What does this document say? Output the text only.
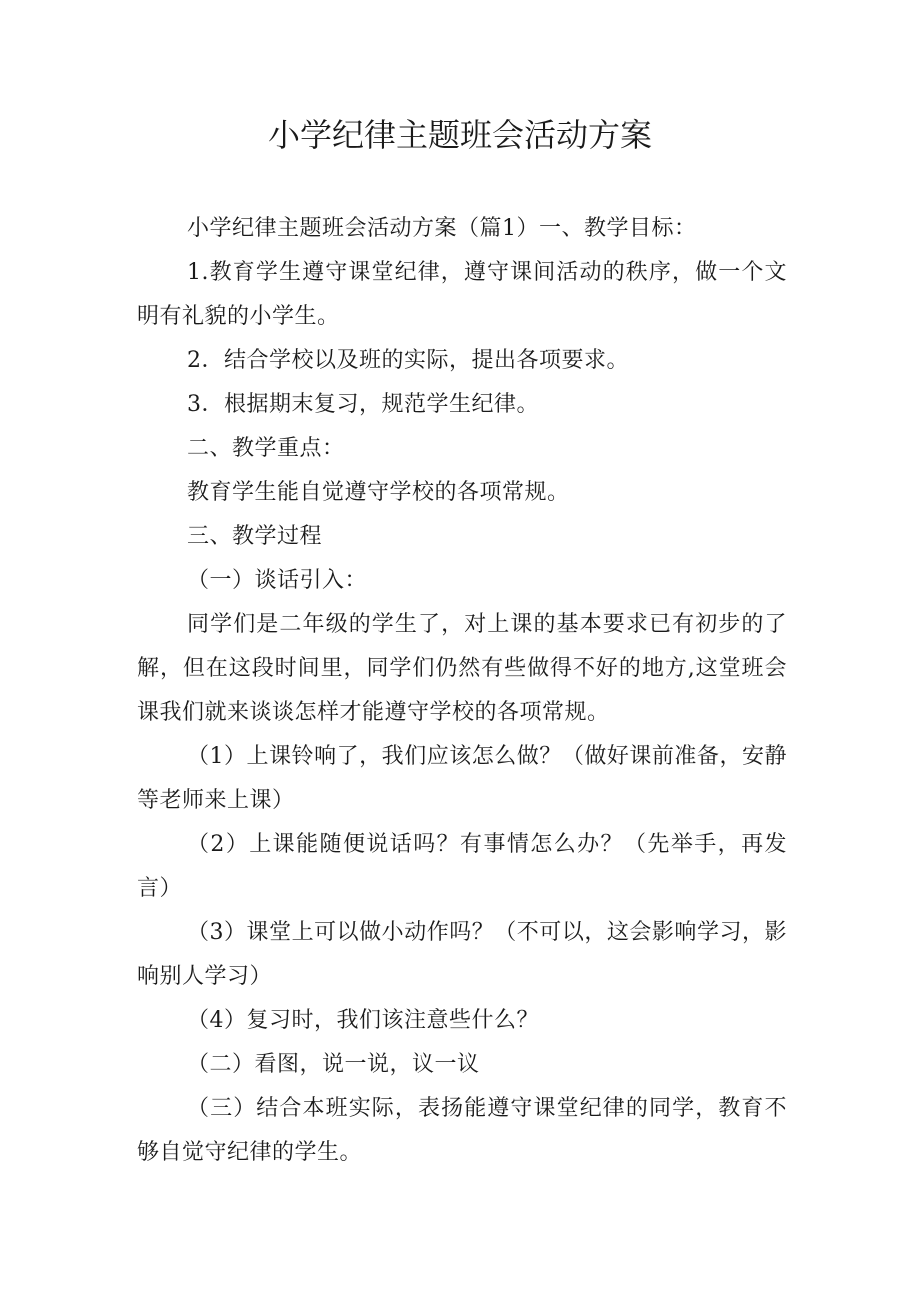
小学纪律主题班会活动方案

小学纪律主题班会活动方案（篇1）一、教学目标：

1.教育学生遵守课堂纪律，遵守课间活动的秩序，做一个文明有礼貌的小学生。

2．结合学校以及班的实际，提出各项要求。

3．根据期末复习，规范学生纪律。

二、教学重点：

教育学生能自觉遵守学校的各项常规。

三、教学过程

（一）谈话引入：

同学们是二年级的学生了，对上课的基本要求已有初步的了解，但在这段时间里，同学们仍然有些做得不好的地方,这堂班会课我们就来谈谈怎样才能遵守学校的各项常规。

（1）上课铃响了，我们应该怎么做？（做好课前准备，安静等老师来上课）

（2）上课能随便说话吗？有事情怎么办？（先举手，再发言）

（3）课堂上可以做小动作吗？（不可以，这会影响学习，影响别人学习）

（4）复习时，我们该注意些什么？

（二）看图，说一说，议一议

（三）结合本班实际，表扬能遵守课堂纪律的同学，教育不够自觉守纪律的学生。
